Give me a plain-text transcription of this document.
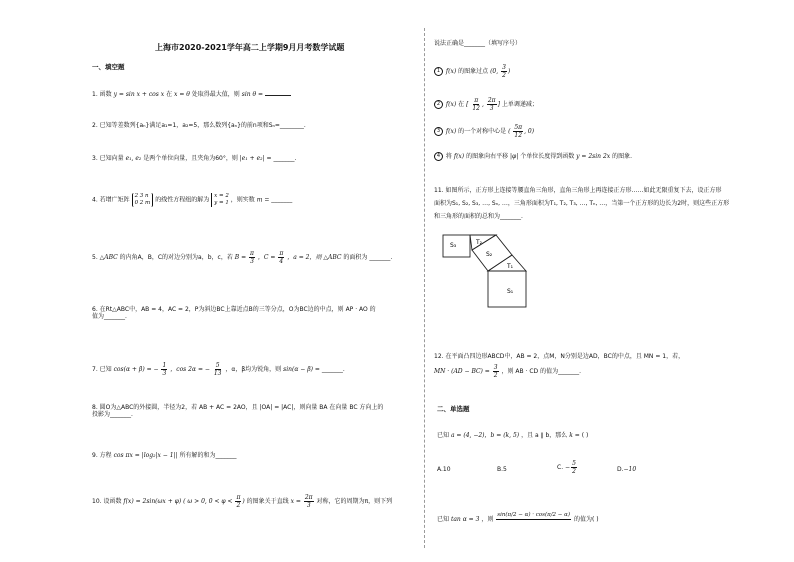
上海市2020-2021学年高二上学期9月月考数学试题
一、填空题
1. 函数 y = sin x + cos x 在 x = θ 处取得最大值，则 sin θ =
2. 已知等差数列{aₙ}满足a₁=1，a₂=5，那么数列{aₙ}的前n项和Sₙ=________.
3. 已知向量 e₁, e₂ 是两个单位向量，且夹角为60°，则 |e₁ + e₂| = _______.
4. 若增广矩阵 2 3 n
0 2 m 的线性方程组的解为 x = 2
y = 1 ，则实数 m = _______
5. △ABC 的内角A，B，C的对边分别为a，b，c，若 $B = \frac{\pi}{3}$ ，$C = \frac{\pi}{4}$ ，a = 2，则 △ABC 的面积为 _______.
6. 在Rt△ABC中，AB = 4，AC = 2，P为斜边BC上靠近点B的三等分点，O为BC边的中点，则 AP · AO 的
值为_______.
7. 已知 cos(α + β) = − $\frac{1}{3}$ ，cos 2α = − $\frac{5}{13}$ ，α，β均为锐角，则 sin(α − β) = _______.
8. 圆O为△ABC的外接圆，半径为2，若 AB + AC = 2AO，且 |OA| = |AC|，则向量 BA 在向量 BC 方向上的
投影为_______.
9. 方程 cos πx = |log₂|x − 1|| 所有解的和为_______
10. 设函数 f(x) = 2sin(ωx + φ) ( ω > 0, $0 < \varphi < \frac{\pi}{2}$ ) 的图象关于直线 $x = \frac{2\pi}{3}$ 对称，它的周期为π，则下列
说法正确是_______（填写序号）
1 f(x) 的图象过点 (0, $\frac{3}{2}$ )
2 f(x) 在 [ $\frac{\pi}{12}$ , $\frac{2\pi}{3}$ ] 上单调递减；
3 f(x) 的一个对称中心是 ( $\frac{5\pi}{12}$ , 0)
4 将 f(x) 的图象向右平移 |φ| 个单位长度得到函数 y = 2sin 2x 的图象.
11. 如图所示，正方形上连接等腰直角三角形，直角三角形上再连接正方形……如此无限重复下去，设正方形
面积为S₁, S₂, S₃, …, Sₙ, …，三角形面积为T₁, T₂, T₃, …, Tₙ, …，当第一个正方形的边长为2时，则这些正方形
和三角形的面积的总和为_______.
S₁
T₁
S₂
T₂
S₃
12. 在平面凸四边形ABCD中，AB = 2，点M，N分别是边AD，BC的中点，且 MN = 1，若，
MN · $(AD - BC) = \frac{3}{2}$ ，则 AB · CD 的值为_______.
二、单选题
已知 a = (4, −2)，b = (k, 5) ，且 a ∥ b，那么 k = ( )
A.10	B.5	C. − $\frac{5}{2}$	D.−10
已知 tan α = 3 ，则
sin(π/2 − α) · cos(π/2 − α)

的值为( )
